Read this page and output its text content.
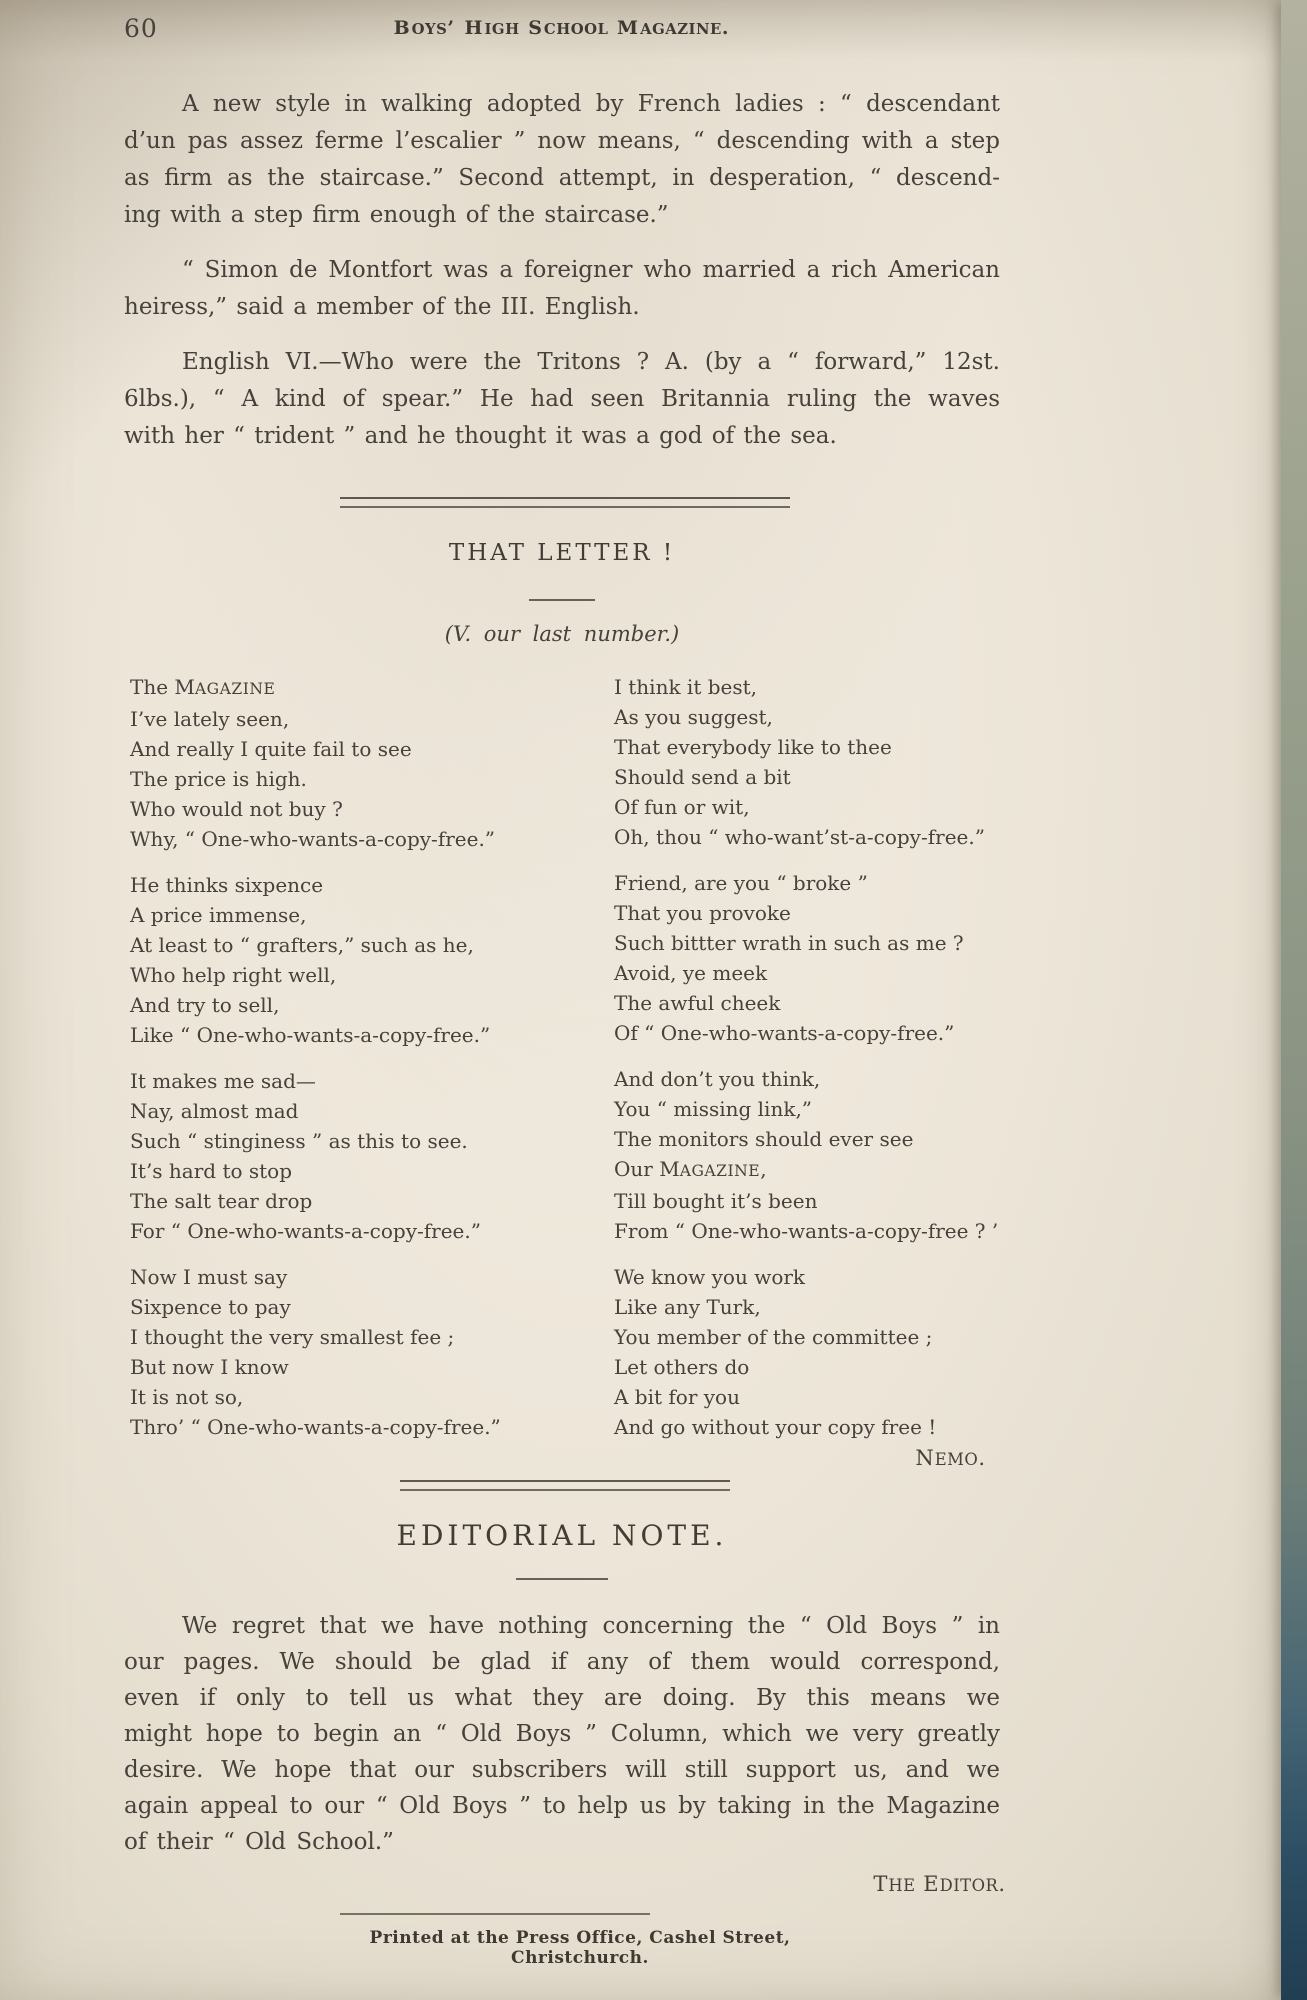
60	BOYS’ HIGH SCHOOL MAGAZINE.
A new style in walking adopted by French ladies : “ descendant
d’un pas assez ferme l’escalier ” now means, “ descending with a step
as firm as the staircase.” Second attempt, in desperation, “ descend-
ing with a step firm enough of the staircase.”
“ Simon de Montfort was a foreigner who married a rich American
heiress,” said a member of the III. English.
English VI.—Who were the Tritons ? A. (by a “ forward,” 12st.
6lbs.), “ A kind of spear.” He had seen Britannia ruling the waves
with her “ trident ” and he thought it was a god of the sea.
THAT LETTER !
(V. our last number.)
The MAGAZINE
I’ve lately seen,
And really I quite fail to see
The price is high.
Who would not buy ?
Why, “ One-who-wants-a-copy-free.”
He thinks sixpence
A price immense,
At least to “ grafters,” such as he,
Who help right well,
And try to sell,
Like “ One-who-wants-a-copy-free.”
It makes me sad—
Nay, almost mad
Such “ stinginess ” as this to see.
It’s hard to stop
The salt tear drop
For “ One-who-wants-a-copy-free.”
Now I must say
Sixpence to pay
I thought the very smallest fee ;
But now I know
It is not so,
Thro’ “ One-who-wants-a-copy-free.”
I think it best,
As you suggest,
That everybody like to thee
Should send a bit
Of fun or wit,
Oh, thou “ who-want’st-a-copy-free.”
Friend, are you “ broke ”
That you provoke
Such bittter wrath in such as me ?
Avoid, ye meek
The awful cheek
Of “ One-who-wants-a-copy-free.”
And don’t you think,
You “ missing link,”
The monitors should ever see
Our MAGAZINE,
Till bought it’s been
From “ One-who-wants-a-copy-free ? ’
We know you work
Like any Turk,
You member of the committee ;
Let others do
A bit for you
And go without your copy free !
NEMO.
EDITORIAL NOTE.
We regret that we have nothing concerning the “ Old Boys ” in
our pages. We should be glad if any of them would correspond,
even if only to tell us what they are doing. By this means we
might hope to begin an “ Old Boys ” Column, which we very greatly
desire. We hope that our subscribers will still support us, and we
again appeal to our “ Old Boys ” to help us by taking in the Magazine
of their “ Old School.”
THE EDITOR.
Printed at the Press Office, Cashel Street, Christchurch.
